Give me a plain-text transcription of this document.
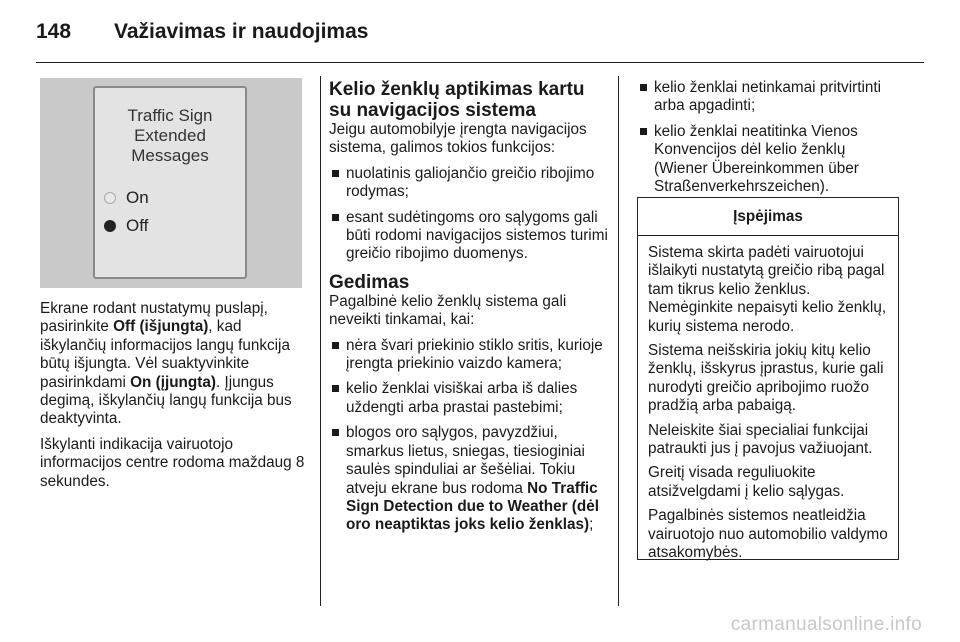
148 Važiavimas ir naudojimas
Traffic Sign Extended Messages
On
Off

Ekrane rodant nustatymų puslapį, pasirinkite Off (išjungta), kad iškylančių informacijos langų funkcija būtų išjungta. Vėl suaktyvinkite pasirinkdami On (įjungta). Įjungus degimą, iškylančių langų funkcija bus deaktyvinta.

Iškylanti indikacija vairuotojo informacijos centre rodoma maždaug 8 sekundes.

Kelio ženklų aptikimas kartu su navigacijos sistema

Jeigu automobilyje įrengta navigacijos sistema, galimos tokios funkcijos:

nuolatinis galiojančio greičio ribojimo rodymas;
esant sudėtingoms oro sąlygoms gali būti rodomi navigacijos sistemos turimi greičio ribojimo duomenys.
Gedimas

Pagalbinė kelio ženklų sistema gali neveikti tinkamai, kai:

nėra švari priekinio stiklo sritis, kurioje įrengta priekinio vaizdo kamera;
kelio ženklai visiškai arba iš dalies uždengti arba prastai pastebimi;
blogos oro sąlygos, pavyzdžiui, smarkus lietus, sniegas, tiesioginiai saulės spinduliai ar šešėliai. Tokiu atveju ekrane bus rodoma No Traffic Sign Detection due to Weather (dėl oro neaptiktas joks kelio ženklas);
kelio ženklai netinkamai pritvirtinti arba apgadinti;
kelio ženklai neatitinka Vienos Konvencijos dėl kelio ženklų (Wiener Übereinkommen über Straßenverkehrszeichen).
Įspėjimas

Sistema skirta padėti vairuotojui išlaikyti nustatytą greičio ribą pagal tam tikrus kelio ženklus. Nemėginkite nepaisyti kelio ženklų, kurių sistema nerodo.

Sistema neišskiria jokių kitų kelio ženklų, išskyrus įprastus, kurie gali nurodyti greičio apribojimo ruožo pradžią arba pabaigą.

Neleiskite šiai specialiai funkcijai patraukti jus į pavojus važiuojant.

Greitį visada reguliuokite atsižvelgdami į kelio sąlygas.

Pagalbinės sistemos neatleidžia vairuotojo nuo automobilio valdymo atsakomybės.

carmanualsonline.info
